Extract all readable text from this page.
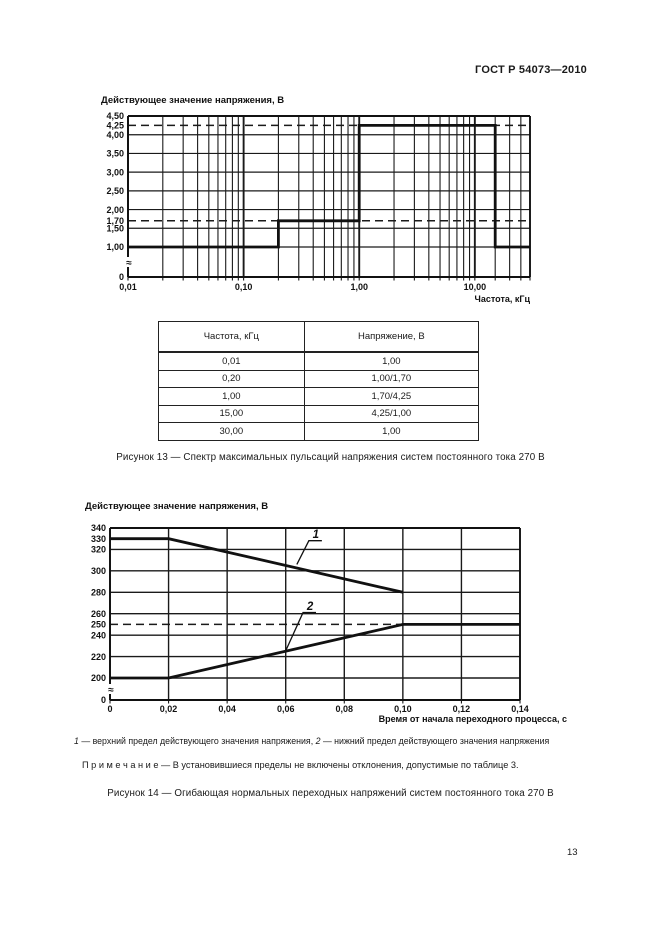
ГОСТ Р 54073—2010
≈
4,50
4,25
4,00
3,50
3,00
2,50
2,00
1,70
1,50
1,00
0
0,01	0,10	1,00	10,00
Действующее значение напряжения, В
Частота, кГц
Частота, кГц	Напряжение, В
0,01	1,00
0,20	1,00/1,70
1,00	1,70/4,25
15,00	4,25/1,00
30,00	1,00
Рисунок 13 — Спектр максимальных пульсаций напряжения систем постоянного тока 270 В
1
2
≈
340
330
320
300
280
260
250
240
220
200
0
0	0,02	0,04	0,06	0,08	0,10	0,12	0,14
Действующее значение напряжения, В
Время от начала переходного процесса, с
1 — верхний предел действующего значения напряжения, 2 — нижний предел действующего значения напряжения
П р и м е ч а н и е — В установившиеся пределы не включены отклонения, допустимые по таблице 3.
Рисунок 14 — Огибающая нормальных переходных напряжений систем постоянного тока 270 В
13
